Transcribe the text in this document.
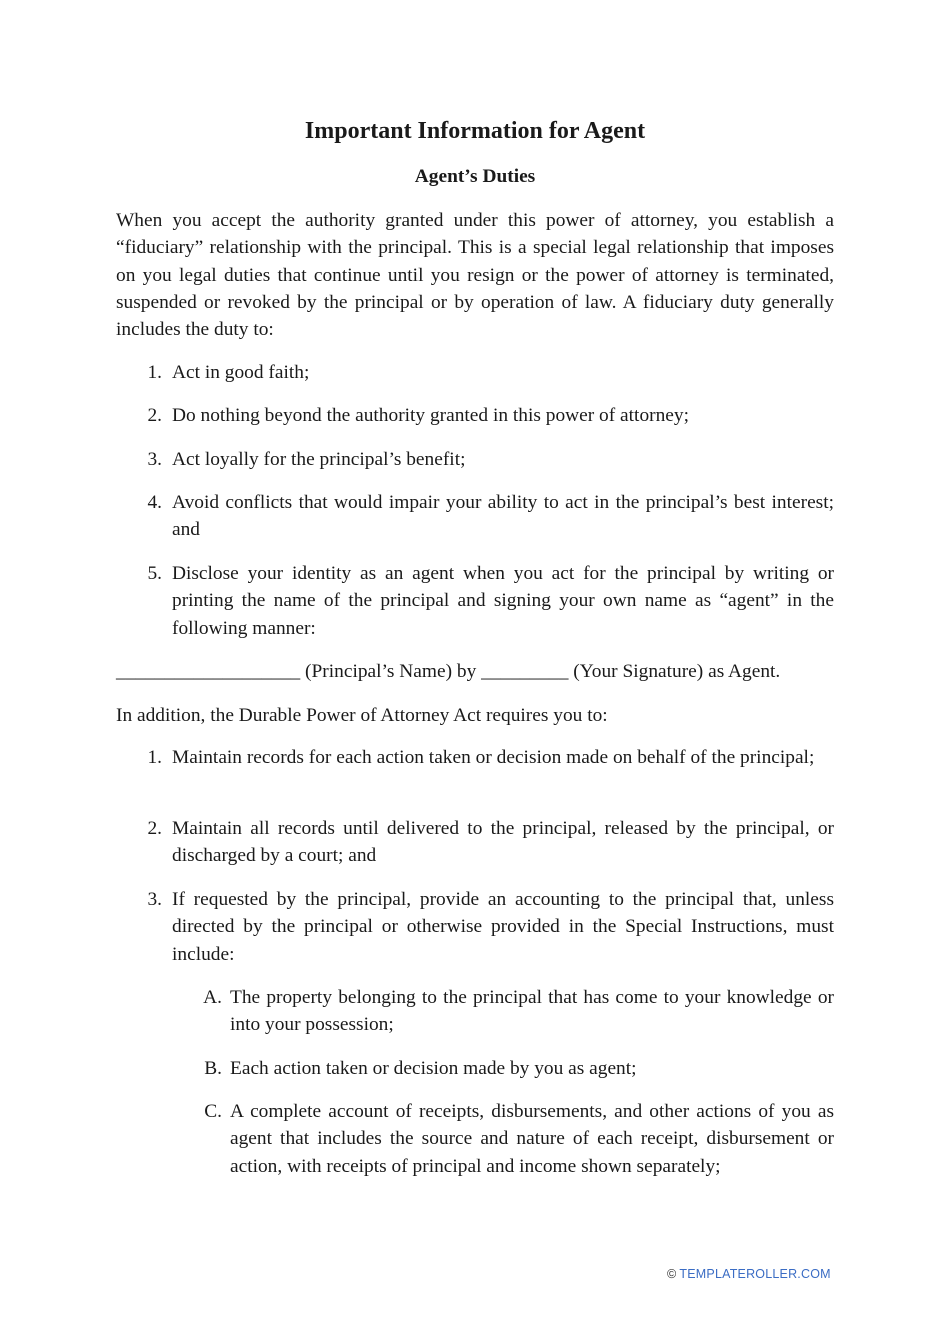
Important Information for Agent
Agent’s Duties

When you accept the authority granted under this power of attorney, you establish a “fiduciary” relationship with the principal. This is a special legal relationship that imposes on you legal duties that continue until you resign or the power of attorney is terminated, suspended or revoked by the principal or by operation of law. A fiduciary duty generally includes the duty to:

1. Act in good faith;

2. Do nothing beyond the authority granted in this power of attorney;

3. Act loyally for the principal’s benefit;

4. Avoid conflicts that would impair your ability to act in the principal’s best interest; and

5. Disclose your identity as an agent when you act for the principal by writing or printing the name of the principal and signing your own name as “agent” in the following manner:

___________________ (Principal’s Name) by _________ (Your Signature) as Agent.

In addition, the Durable Power of Attorney Act requires you to:

1. Maintain records for each action taken or decision made on behalf of the principal;

2. Maintain all records until delivered to the principal, released by the principal, or discharged by a court; and

3. If requested by the principal, provide an accounting to the principal that, unless directed by the principal or otherwise provided in the Special Instructions, must include:

A. The property belonging to the principal that has come to your knowledge or into your possession;

B. Each action taken or decision made by you as agent;

C. A complete account of receipts, disbursements, and other actions of you as agent that includes the source and nature of each receipt, disbursement or action, with receipts of principal and income shown separately;

© TEMPLATEROLLER.COM
